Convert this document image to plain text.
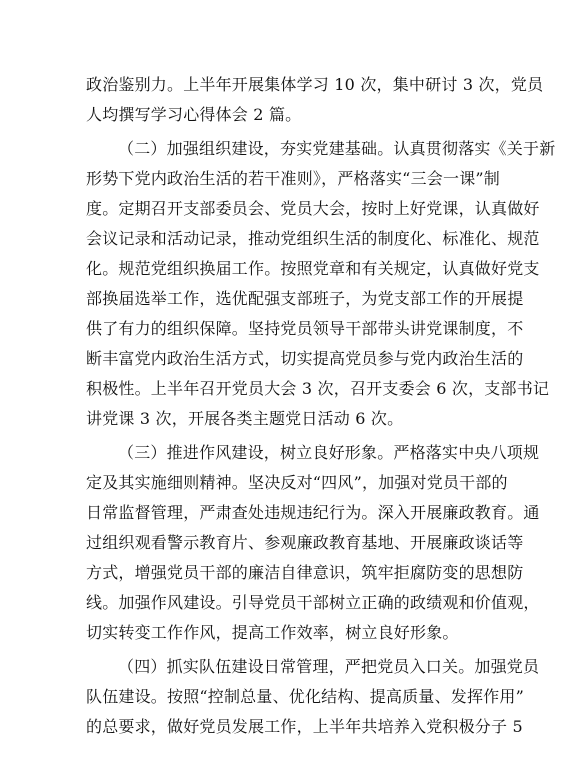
政治鉴别力。上半年开展集体学习 10 次，集中研讨 3 次，党员
人均撰写学习心得体会 2 篇。
（二）加强组织建设，夯实党建基础。认真贯彻落实《关于新
形势下党内政治生活的若干准则》，严格落实“三会一课”制
度。定期召开支部委员会、党员大会，按时上好党课，认真做好
会议记录和活动记录，推动党组织生活的制度化、标准化、规范
化。规范党组织换届工作。按照党章和有关规定，认真做好党支
部换届选举工作，选优配强支部班子，为党支部工作的开展提
供了有力的组织保障。坚持党员领导干部带头讲党课制度，不
断丰富党内政治生活方式，切实提高党员参与党内政治生活的
积极性。上半年召开党员大会 3 次，召开支委会 6 次，支部书记
讲党课 3 次，开展各类主题党日活动 6 次。
（三）推进作风建设，树立良好形象。严格落实中央八项规
定及其实施细则精神。坚决反对“四风”，加强对党员干部的
日常监督管理，严肃查处违规违纪行为。深入开展廉政教育。通
过组织观看警示教育片、参观廉政教育基地、开展廉政谈话等
方式，增强党员干部的廉洁自律意识，筑牢拒腐防变的思想防
线。加强作风建设。引导党员干部树立正确的政绩观和价值观，
切实转变工作作风，提高工作效率，树立良好形象。
（四）抓实队伍建设日常管理，严把党员入口关。加强党员
队伍建设。按照“控制总量、优化结构、提高质量、发挥作用”
的总要求，做好党员发展工作，上半年共培养入党积极分子 5
